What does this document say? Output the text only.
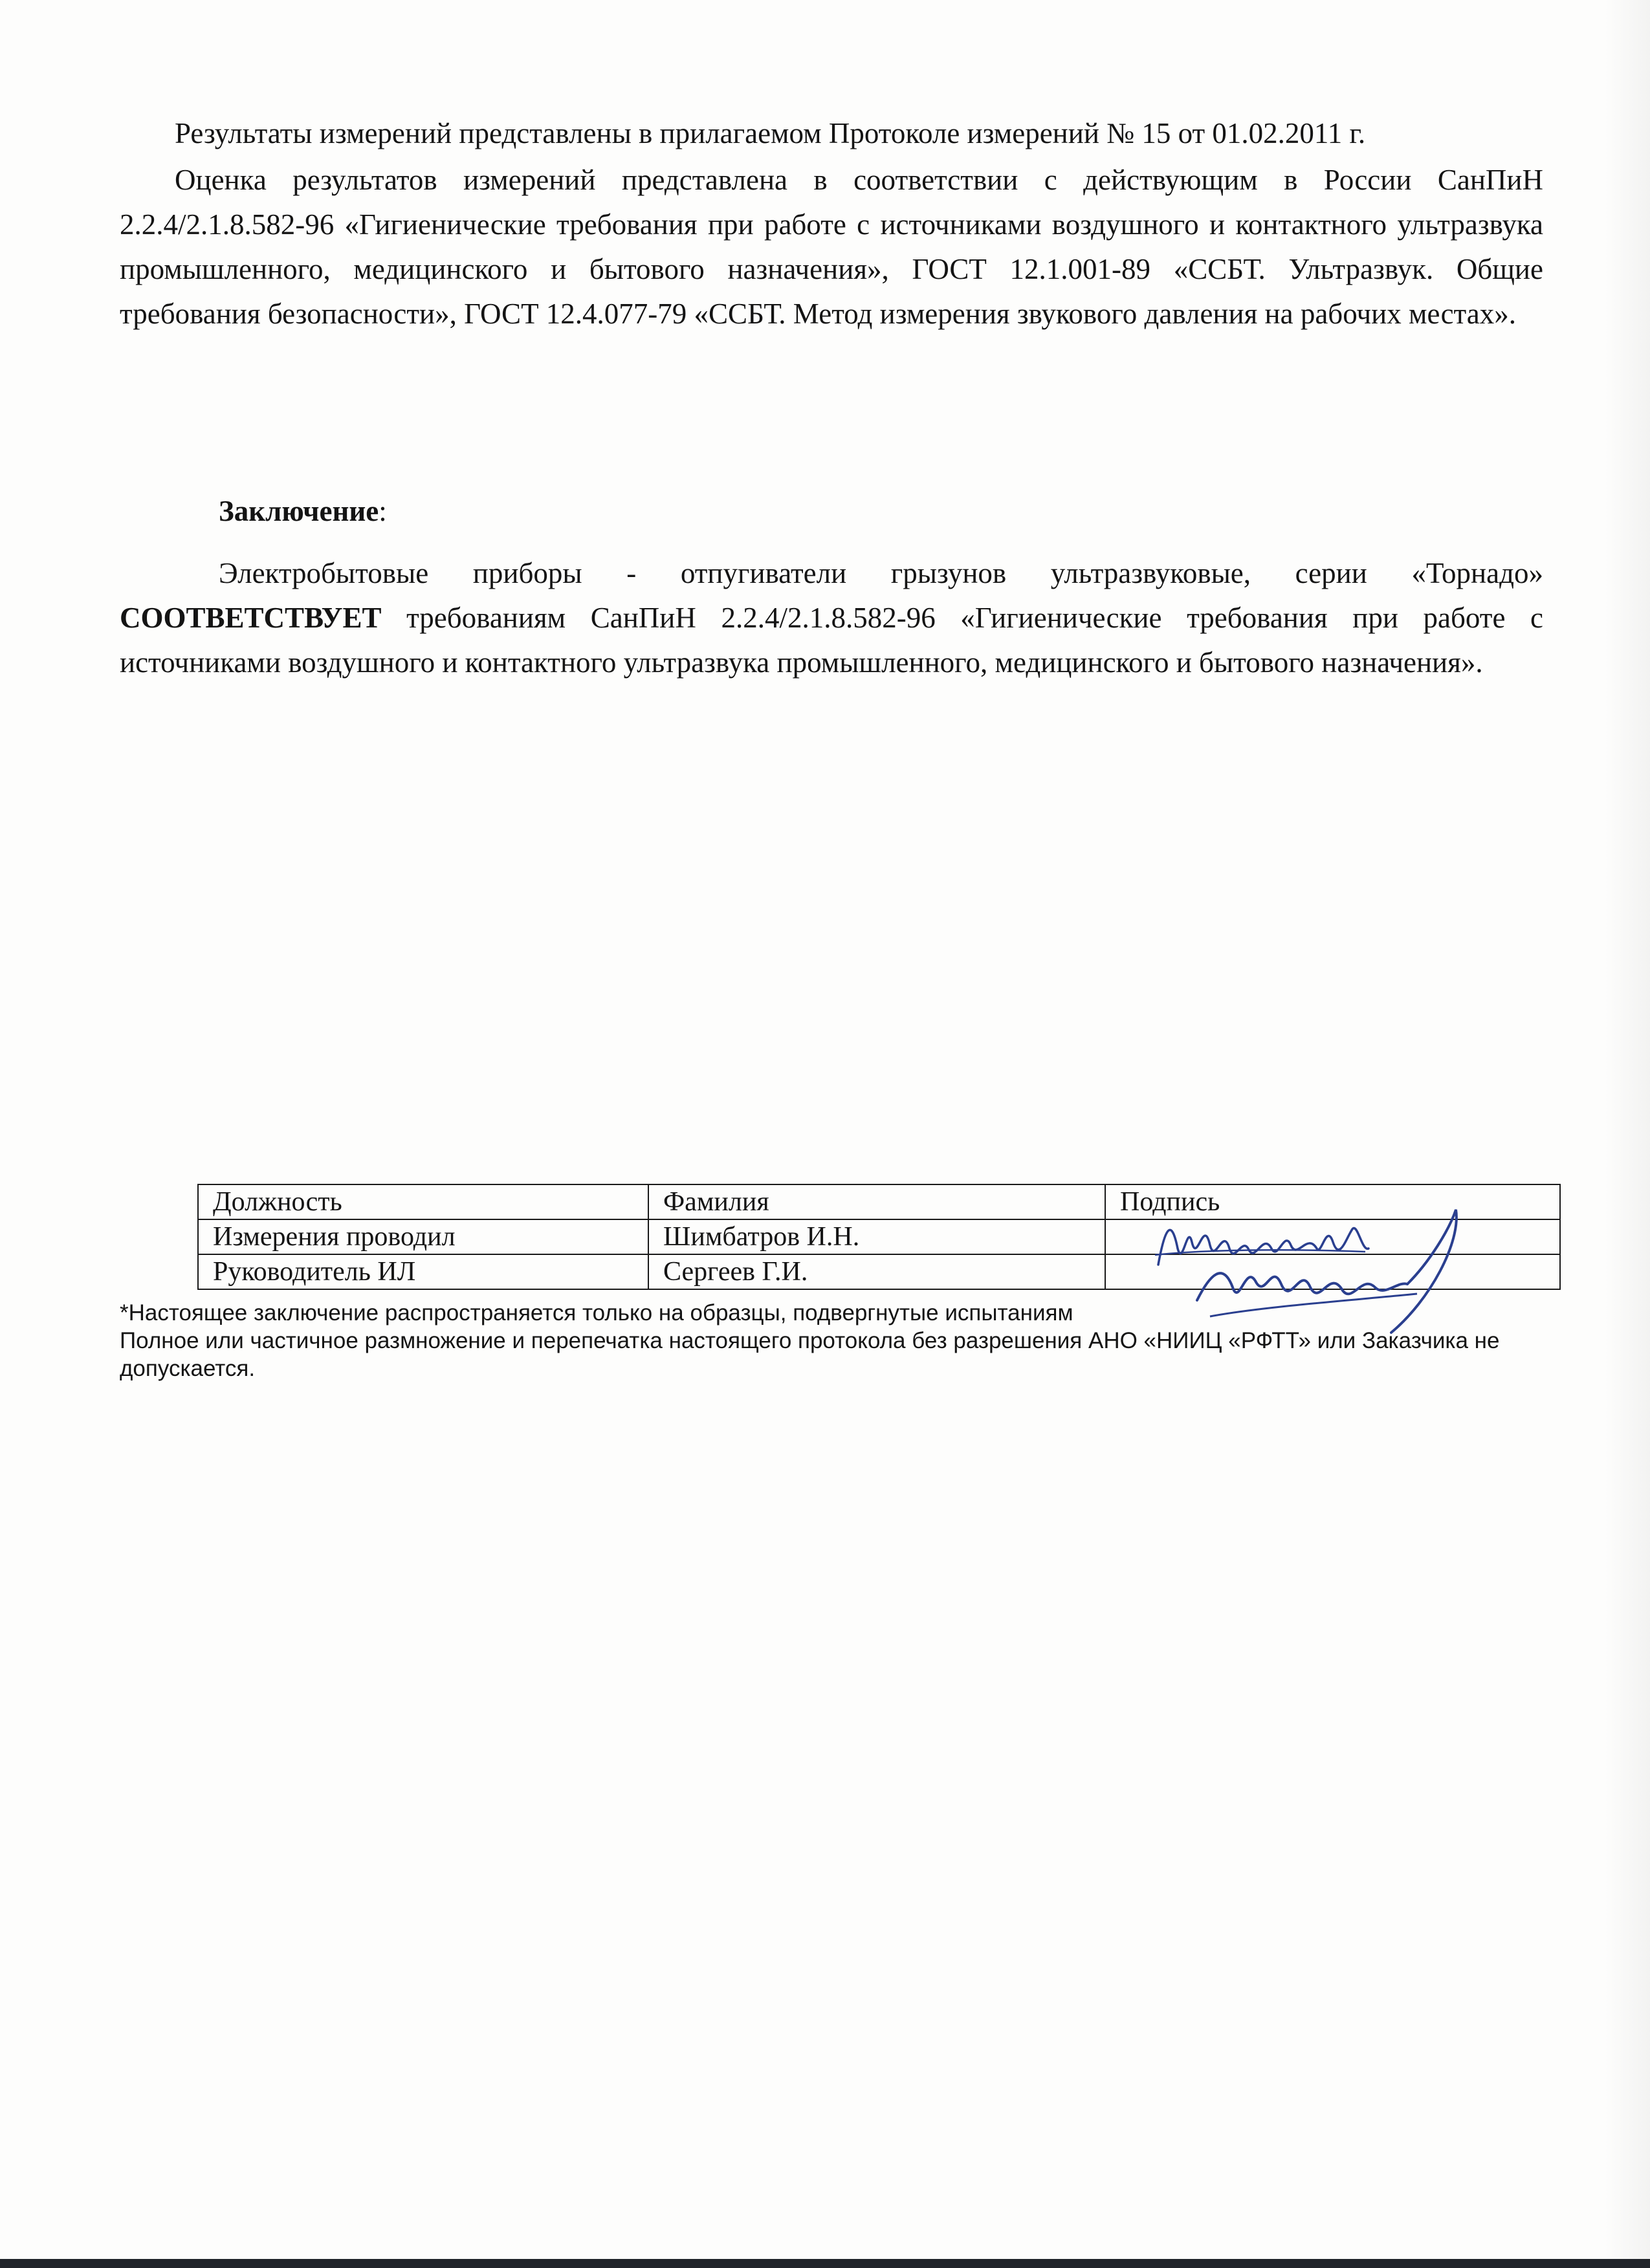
Результаты измерений представлены в прилагаемом Протоколе измерений № 15 от 01.02.2011 г.

Оценка результатов измерений представлена в соответствии с действующим в России СанПиН 2.2.4/2.1.8.582-96 «Гигиенические требования при работе с источниками воздушного и контактного ультразвука промышленного, медицинского и бытового назначения», ГОСТ 12.1.001-89 «ССБТ. Ультразвук. Общие требования безопасности», ГОСТ 12.4.077-79 «ССБТ. Метод измерения звукового давления на рабочих местах».

Заключение:

Электробытовые приборы - отпугиватели грызунов ультразвуковые, серии «Торнадо» СООТВЕТСТВУЕТ требованиям СанПиН 2.2.4/2.1.8.582-96 «Гигиенические требования при работе с источниками воздушного и контактного ультразвука промышленного, медицинского и бытового назначения».

Должность	Фамилия	Подпись
Измерения проводил	Шимбатров И.Н.	
Руководитель ИЛ	Сергеев Г.И.	

*Настоящее заключение распространяется только на образцы, подвергнутые испытаниям

Полное или частичное размножение и перепечатка настоящего протокола без разрешения АНО «НИИЦ «РФТТ» или Заказчика не допускается.
